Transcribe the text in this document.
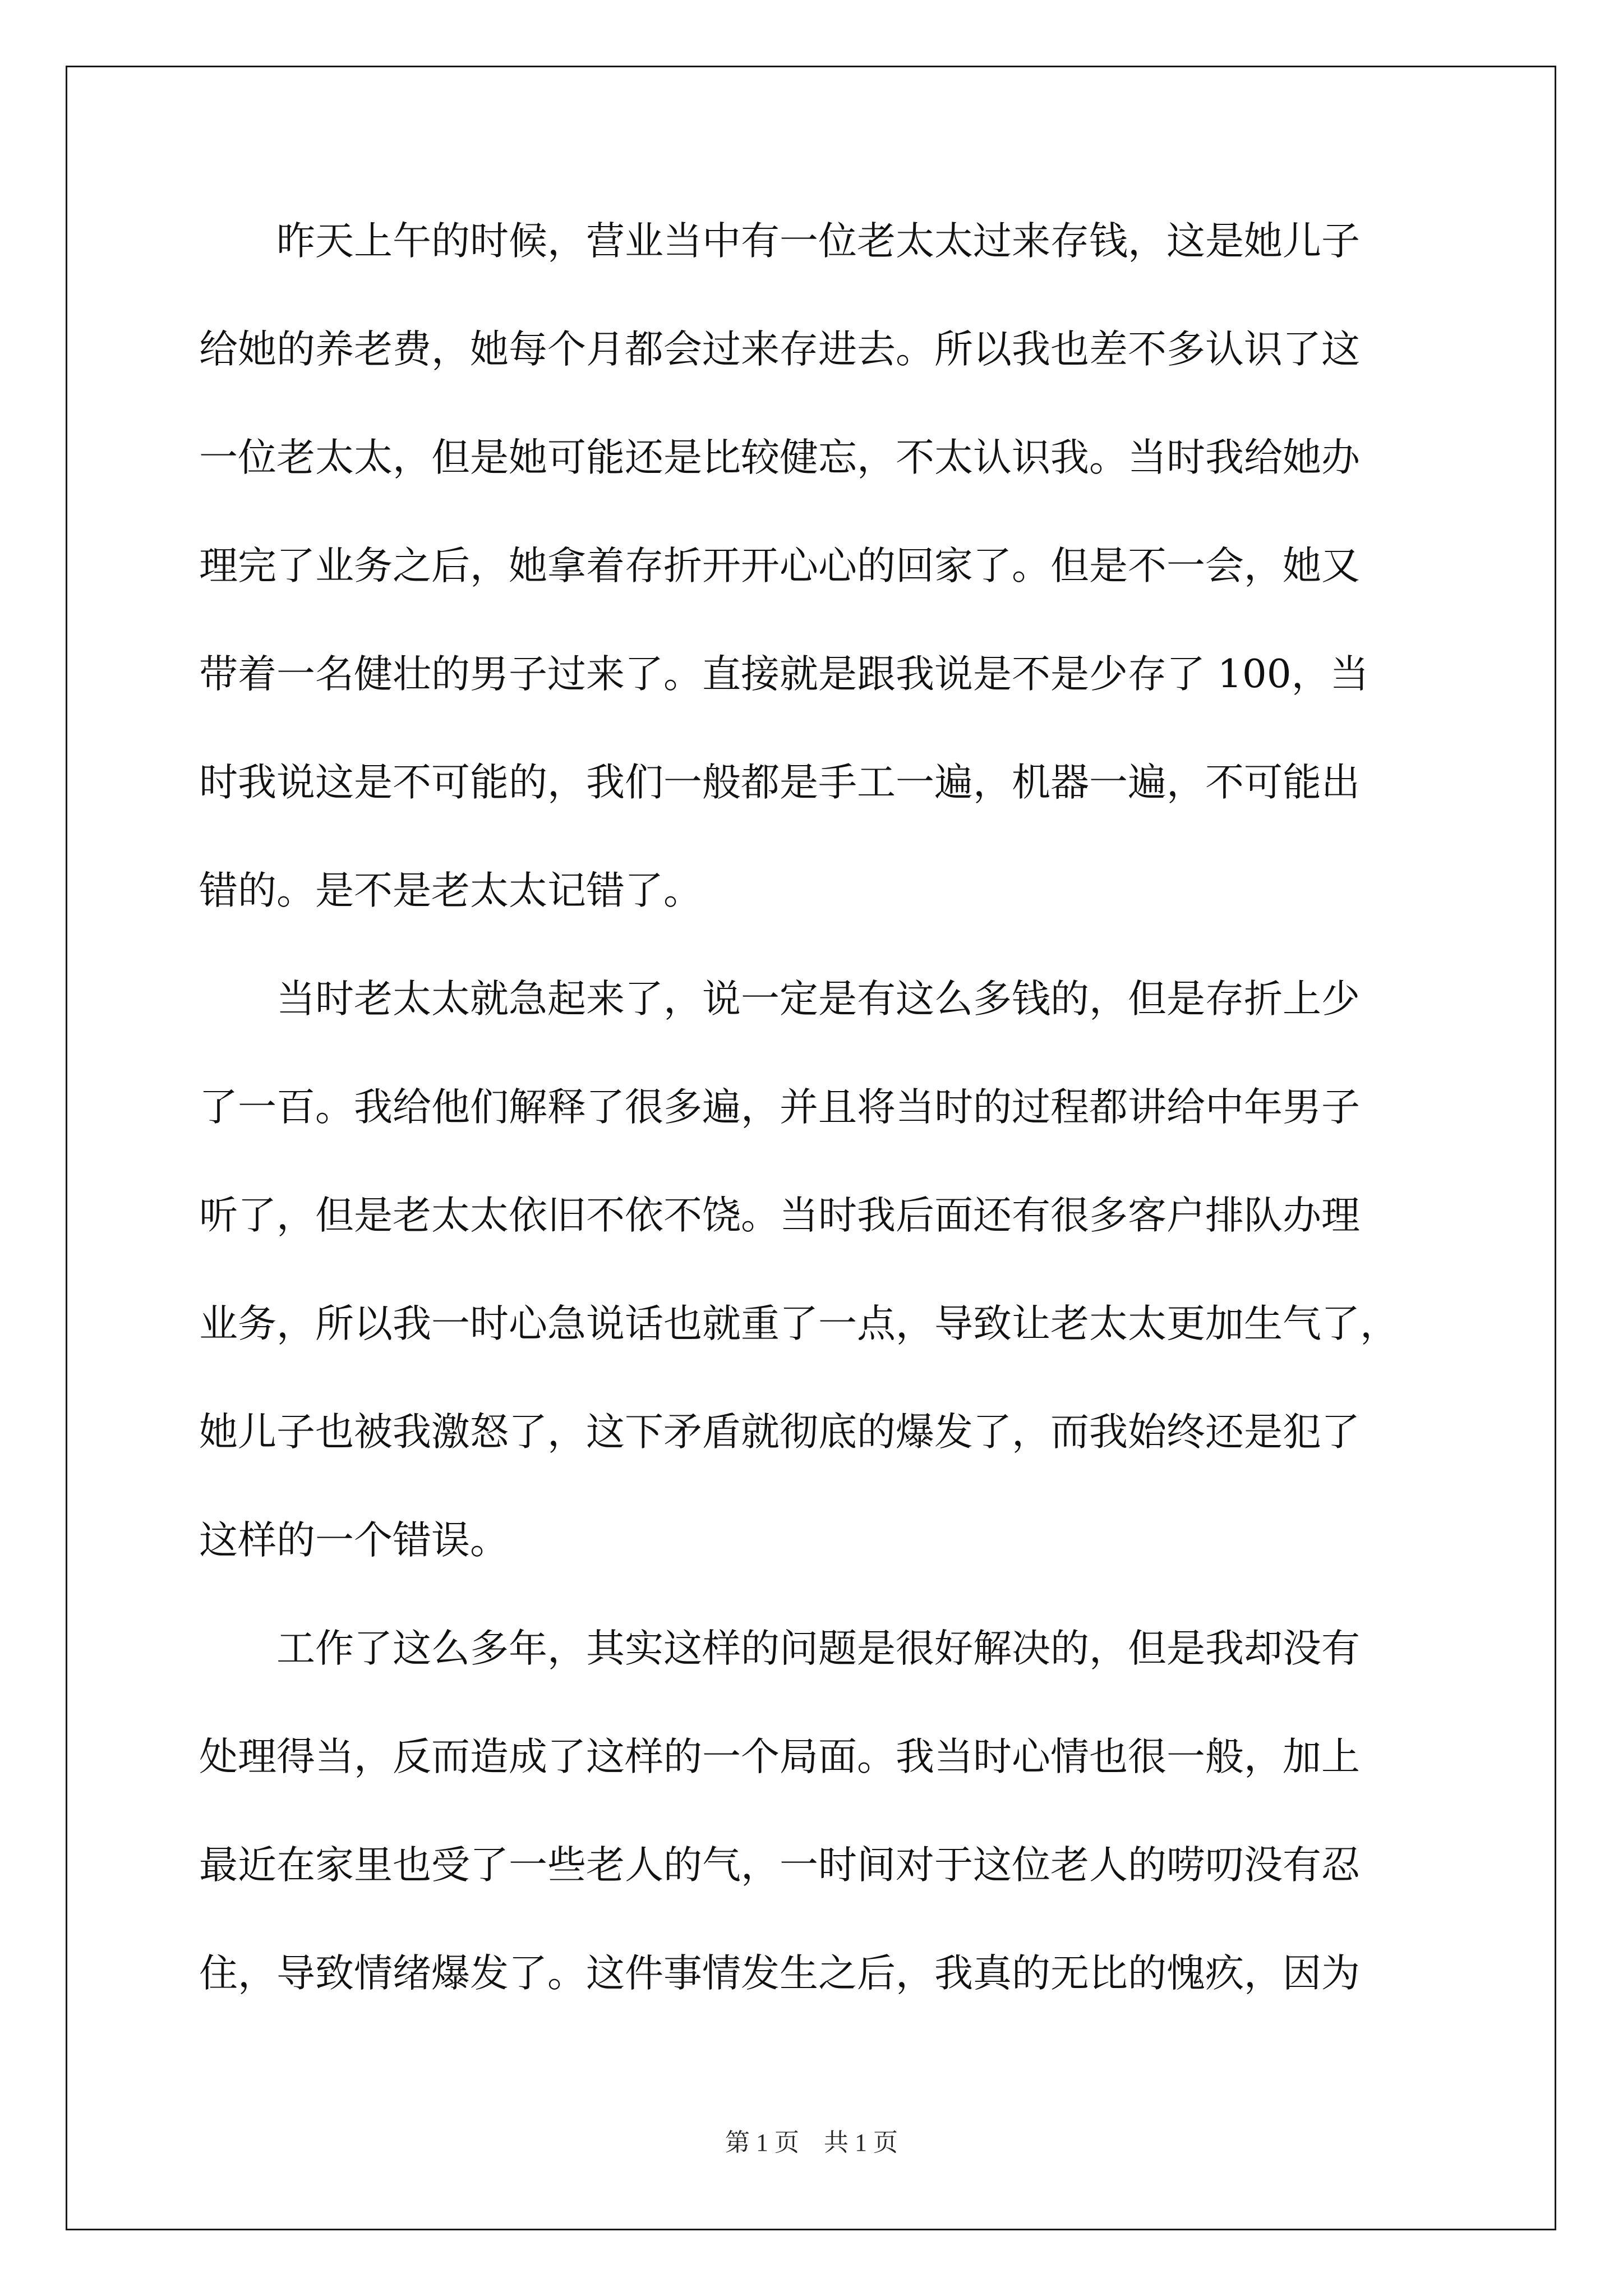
　　昨天上午的时候，营业当中有一位老太太过来存钱，这是她儿子
给她的养老费，她每个月都会过来存进去。所以我也差不多认识了这
一位老太太，但是她可能还是比较健忘，不太认识我。当时我给她办
理完了业务之后，她拿着存折开开心心的回家了。但是不一会，她又
带着一名健壮的男子过来了。直接就是跟我说是不是少存了 100，当
时我说这是不可能的，我们一般都是手工一遍，机器一遍，不可能出
错的。是不是老太太记错了。
　　当时老太太就急起来了，说一定是有这么多钱的，但是存折上少
了一百。我给他们解释了很多遍，并且将当时的过程都讲给中年男子
听了，但是老太太依旧不依不饶。当时我后面还有很多客户排队办理
业务，所以我一时心急说话也就重了一点，导致让老太太更加生气了，
她儿子也被我激怒了，这下矛盾就彻底的爆发了，而我始终还是犯了
这样的一个错误。
　　工作了这么多年，其实这样的问题是很好解决的，但是我却没有
处理得当，反而造成了这样的一个局面。我当时心情也很一般，加上
最近在家里也受了一些老人的气，一时间对于这位老人的唠叨没有忍
住，导致情绪爆发了。这件事情发生之后，我真的无比的愧疚，因为
第 1 页　共 1 页
